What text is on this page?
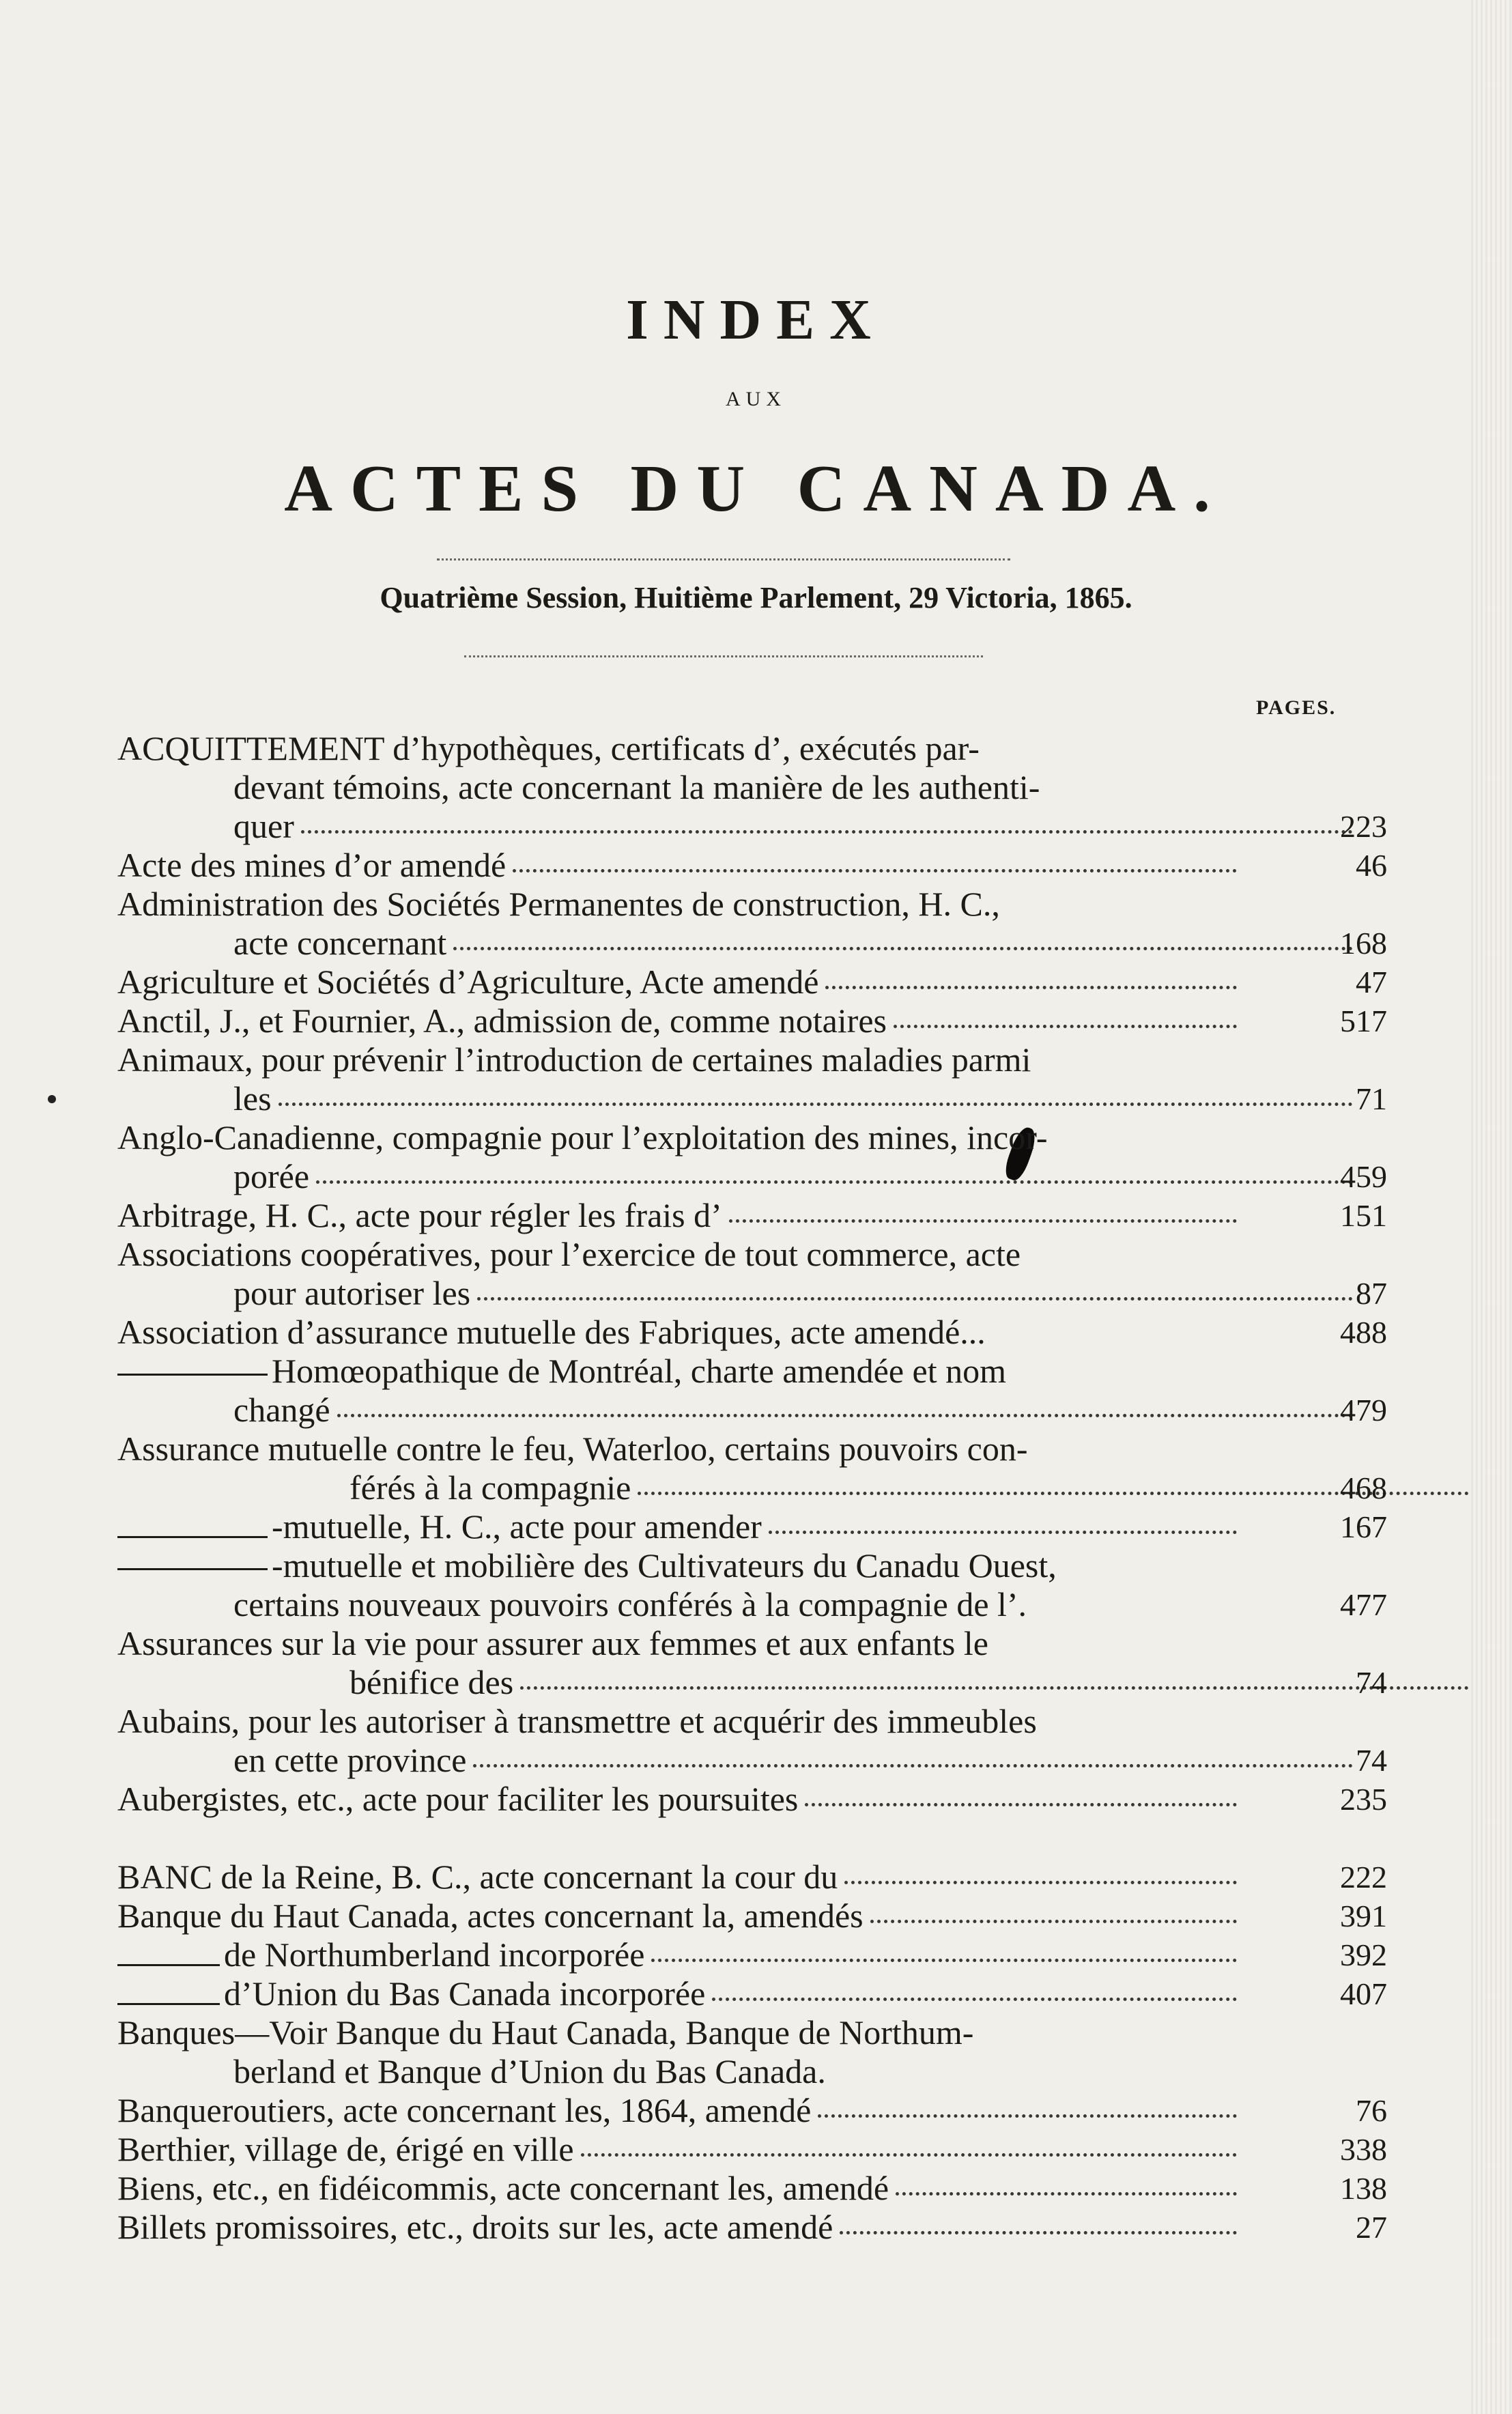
INDEX
AUX
ACTES DU CANADA.
Quatrième Session, Huitième Parlement, 29 Victoria, 1865.
PAGES.
ACQUITTEMENT d’hypothèques, certificats d’, exécutés par-
devant témoins, acte concernant la manière de les authenti-
quer	223
Acte des mines d’or amendé	46
Administration des Sociétés Permanentes de construction, H. C.,
acte concernant	168
Agriculture et Sociétés d’Agriculture, Acte amendé	47
Anctil, J., et Fournier, A., admission de, comme notaires	517
Animaux, pour prévenir l’introduction de certaines maladies parmi
les	71
Anglo-Canadienne, compagnie pour l’exploitation des mines, incor-
porée	459
Arbitrage, H. C., acte pour régler les frais d’	151
Associations coopératives, pour l’exercice de tout commerce, acte
pour autoriser les	87
Association d’assurance mutuelle des Fabriques, acte amendé...	488
Homœopathique de Montréal, charte amendée et nom
changé	479
Assurance mutuelle contre le feu, Waterloo, certains pouvoirs con-
férés à la compagnie	468
-mutuelle, H. C., acte pour amender	167
-mutuelle et mobilière des Cultivateurs du Canadu Ouest,
certains nouveaux pouvoirs conférés à la compagnie de l’.	477
Assurances sur la vie pour assurer aux femmes et aux enfants le
bénifice des	74
Aubains, pour les autoriser à transmettre et acquérir des immeubles
en cette province	74
Aubergistes, etc., acte pour faciliter les poursuites	235
BANC de la Reine, B. C., acte concernant la cour du	222
Banque du Haut Canada, actes concernant la, amendés	391
de Northumberland incorporée	392
d’Union du Bas Canada incorporée	407
Banques—Voir Banque du Haut Canada, Banque de Northum-
berland et Banque d’Union du Bas Canada.
Banqueroutiers, acte concernant les, 1864, amendé	76
Berthier, village de, érigé en ville	338
Biens, etc., en fidéicommis, acte concernant les, amendé	138
Billets promissoires, etc., droits sur les, acte amendé	27
